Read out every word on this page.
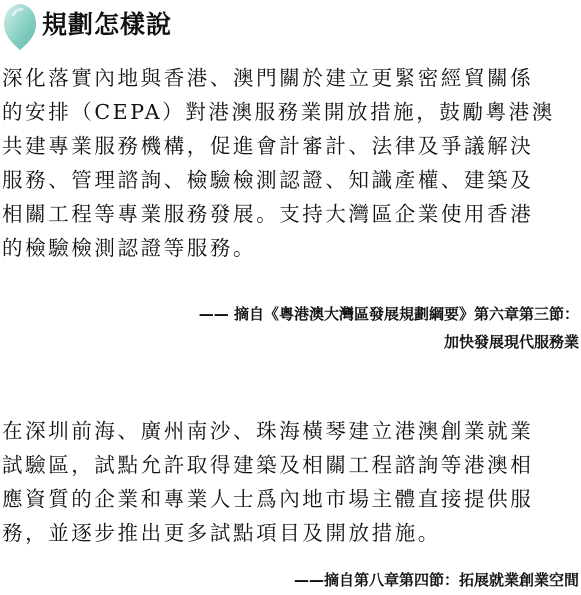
規劃怎樣說
深化落實內地與香港、澳門關於建立更緊密經貿關係
的安排（CEPA）對港澳服務業開放措施，鼓勵粵港澳
共建專業服務機構，促進會計審計、法律及爭議解決
服務、管理諮詢、檢驗檢測認證、知識產權、建築及
相關工程等專業服務發展。支持大灣區企業使用香港
的檢驗檢測認證等服務。
—— 摘自《粵港澳大灣區發展規劃綱要》第六章第三節：
加快發展現代服務業
在深圳前海、廣州南沙、珠海橫琴建立港澳創業就業
試驗區，試點允許取得建築及相關工程諮詢等港澳相
應資質的企業和專業人士爲內地市場主體直接提供服
務，並逐步推出更多試點項目及開放措施。
——摘自第八章第四節：拓展就業創業空間
